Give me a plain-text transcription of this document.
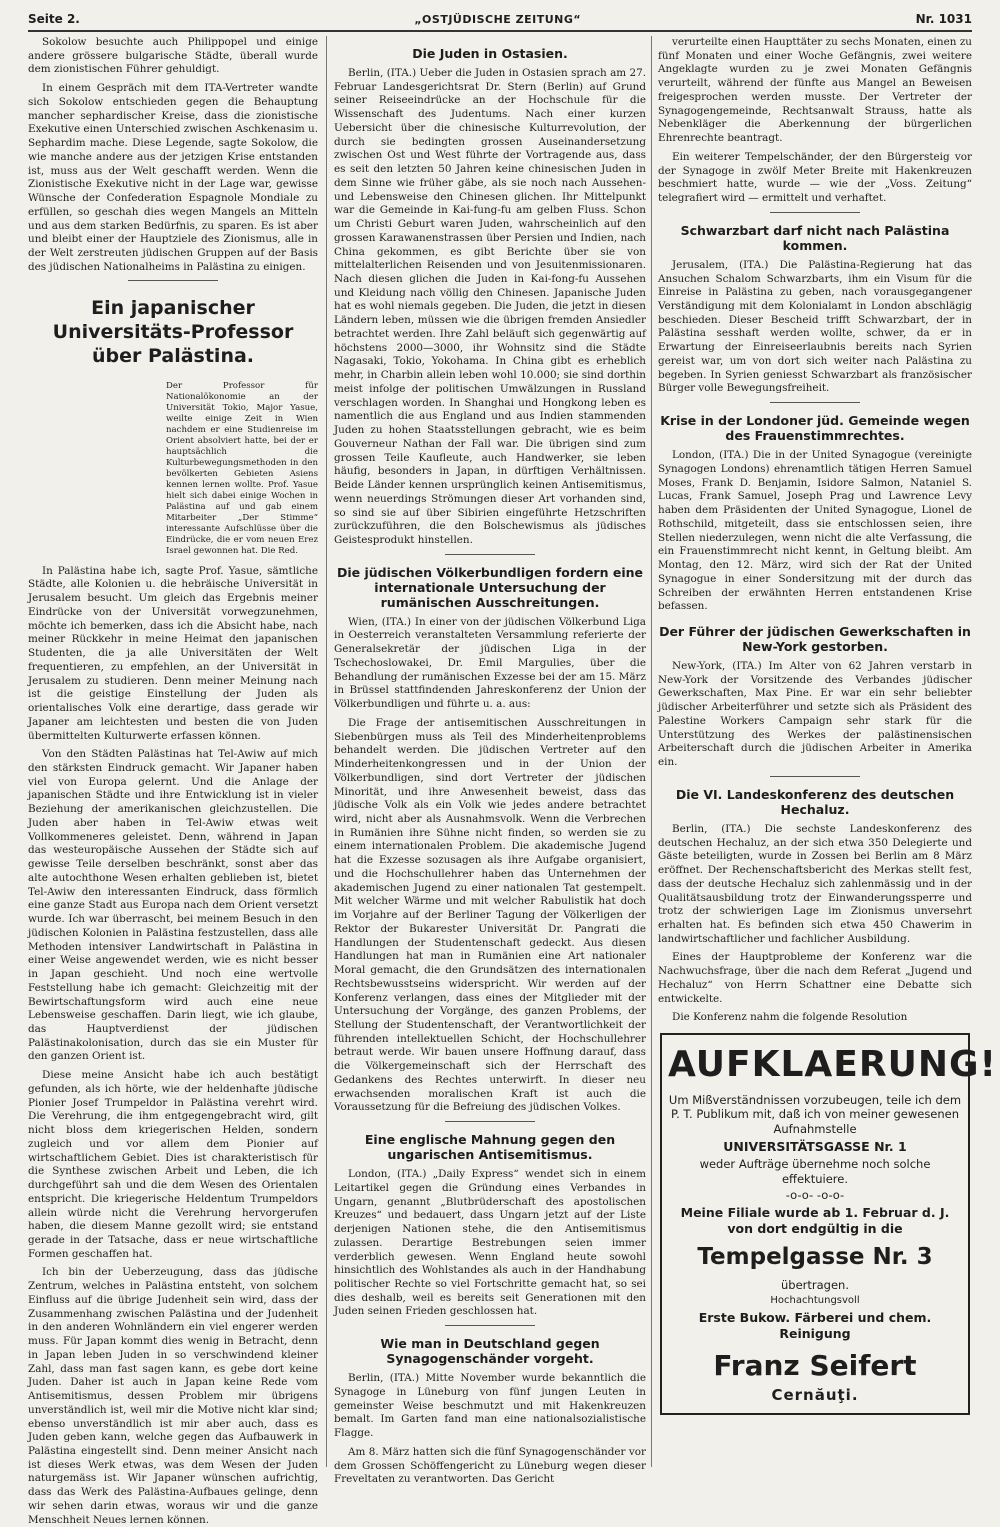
Seite 2.	„OSTJÜDISCHE ZEITUNG“	Nr. 1031

Sokolow besuchte auch Philippopel und einige andere grössere bulgarische Städte, überall wurde dem zionistischen Führer gehuldigt.

In einem Gespräch mit dem ITA-Vertreter wandte sich Sokolow entschieden gegen die Behauptung mancher sephardischer Kreise, dass die zionistische Exekutive einen Unterschied zwischen Aschkenasim u. Sephardim mache. Diese Legende, sagte Sokolow, die wie manche andere aus der jetzigen Krise entstanden ist, muss aus der Welt geschafft werden. Wenn die Zionistische Exekutive nicht in der Lage war, gewisse Wünsche der Confederation Espagnole Mondiale zu erfüllen, so geschah dies wegen Mangels an Mitteln und aus dem starken Bedürfnis, zu sparen. Es ist aber und bleibt einer der Hauptziele des Zionismus, alle in der Welt zerstreuten jüdischen Gruppen auf der Basis des jüdischen Nationalheims in Palästina zu einigen.

Ein japanischer Universitäts-Professor über Palästina.

Der Professor für Nationalökonomie an der Universität Tokio, Major Yasue, weilte einige Zeit in Wien nachdem er eine Studienreise im Orient absolviert hatte, bei der er hauptsächlich die Kulturbewegungsmethoden in den bevölkerten Gebieten Asiens kennen lernen wollte. Prof. Yasue hielt sich dabei einige Wochen in Palästina auf und gab einem Mitarbeiter „Der Stimme“ interessante Aufschlüsse über die Eindrücke, die er vom neuen Erez Israel gewonnen hat. Die Red.

In Palästina habe ich, sagte Prof. Yasue, sämtliche Städte, alle Kolonien u. die hebräische Universität in Jerusalem besucht. Um gleich das Ergebnis meiner Eindrücke von der Universität vorwegzunehmen, möchte ich bemerken, dass ich die Absicht habe, nach meiner Rückkehr in meine Heimat den japanischen Studenten, die ja alle Universitäten der Welt frequentieren, zu empfehlen, an der Universität in Jerusalem zu studieren. Denn meiner Meinung nach ist die geistige Einstellung der Juden als orientalisches Volk eine derartige, dass gerade wir Japaner am leichtesten und besten die von Juden übermittelten Kulturwerte erfassen können.

Von den Städten Palästinas hat Tel-Awiw auf mich den stärksten Eindruck gemacht. Wir Japaner haben viel von Europa gelernt. Und die Anlage der japanischen Städte und ihre Entwicklung ist in vieler Beziehung der amerikanischen gleichzustellen. Die Juden aber haben in Tel-Awiw etwas weit Vollkommeneres geleistet. Denn, während in Japan das westeuropäische Aussehen der Städte sich auf gewisse Teile derselben beschränkt, sonst aber das alte autochthone Wesen erhalten geblieben ist, bietet Tel-Awiw den interessanten Eindruck, dass förmlich eine ganze Stadt aus Europa nach dem Orient versetzt wurde. Ich war überrascht, bei meinem Besuch in den jüdischen Kolonien in Palästina festzustellen, dass alle Methoden intensiver Landwirtschaft in Palästina in einer Weise angewendet werden, wie es nicht besser in Japan geschieht. Und noch eine wertvolle Feststellung habe ich gemacht: Gleichzeitig mit der Bewirtschaftungsform wird auch eine neue Lebensweise geschaffen. Darin liegt, wie ich glaube, das Hauptverdienst der jüdischen Palästinakolonisation, durch das sie ein Muster für den ganzen Orient ist.

Diese meine Ansicht habe ich auch bestätigt gefunden, als ich hörte, wie der heldenhafte jüdische Pionier Josef Trumpeldor in Palästina verehrt wird. Die Verehrung, die ihm entgegengebracht wird, gilt nicht bloss dem kriegerischen Helden, sondern zugleich und vor allem dem Pionier auf wirtschaftlichem Gebiet. Dies ist charakteristisch für die Synthese zwischen Arbeit und Leben, die ich durchgeführt sah und die dem Wesen des Orientalen entspricht. Die kriegerische Heldentum Trumpeldors allein würde nicht die Verehrung hervorgerufen haben, die diesem Manne gezollt wird; sie entstand gerade in der Tatsache, dass er neue wirtschaftliche Formen geschaffen hat.

Ich bin der Ueberzeugung, dass das jüdische Zentrum, welches in Palästina entsteht, von solchem Einfluss auf die übrige Judenheit sein wird, dass der Zusammenhang zwischen Palästina und der Judenheit in den anderen Wohnländern ein viel engerer werden muss. Für Japan kommt dies wenig in Betracht, denn in Japan leben Juden in so verschwindend kleiner Zahl, dass man fast sagen kann, es gebe dort keine Juden. Daher ist auch in Japan keine Rede vom Antisemitismus, dessen Problem mir übrigens unverständlich ist, weil mir die Motive nicht klar sind; ebenso unverständlich ist mir aber auch, dass es Juden geben kann, welche gegen das Aufbauwerk in Palästina eingestellt sind. Denn meiner Ansicht nach ist dieses Werk etwas, was dem Wesen der Juden naturgemäss ist. Wir Japaner wünschen aufrichtig, dass das Werk des Palästina-Aufbaues gelinge, denn wir sehen darin etwas, woraus wir und die ganze Menschheit Neues lernen können.

Die Juden in Ostasien.

Berlin, (ITA.) Ueber die Juden in Ostasien sprach am 27. Februar Landesgerichtsrat Dr. Stern (Berlin) auf Grund seiner Reiseeindrücke an der Hochschule für die Wissenschaft des Judentums. Nach einer kurzen Uebersicht über die chinesische Kulturrevolution, der durch sie bedingten grossen Auseinandersetzung zwischen Ost und West führte der Vortragende aus, dass es seit den letzten 50 Jahren keine chinesischen Juden in dem Sinne wie früher gäbe, als sie noch nach Aussehen- und Lebensweise den Chinesen glichen. Ihr Mittelpunkt war die Gemeinde in Kai-fung-fu am gelben Fluss. Schon um Christi Geburt waren Juden, wahrscheinlich auf den grossen Karawanenstrassen über Persien und Indien, nach China gekommen, es gibt Berichte über sie von mittelalterlichen Reisenden und von Jesuitenmissionaren. Nach diesen glichen die Juden in Kai-fong-fu Aussehen und Kleidung nach völlig den Chinesen. Japanische Juden hat es wohl niemals gegeben. Die Juden, die jetzt in diesen Ländern leben, müssen wie die übrigen fremden Ansiedler betrachtet werden. Ihre Zahl beläuft sich gegenwärtig auf höchstens 2000—3000, ihr Wohnsitz sind die Städte Nagasaki, Tokio, Yokohama. In China gibt es erheblich mehr, in Charbin allein leben wohl 10.000; sie sind dorthin meist infolge der politischen Umwälzungen in Russland verschlagen worden. In Shanghai und Hongkong leben es namentlich die aus England und aus Indien stammenden Juden zu hohen Staatsstellungen gebracht, wie es beim Gouverneur Nathan der Fall war. Die übrigen sind zum grossen Teile Kaufleute, auch Handwerker, sie leben häufig, besonders in Japan, in dürftigen Verhältnissen. Beide Länder kennen ursprünglich keinen Antisemitismus, wenn neuerdings Strömungen dieser Art vorhanden sind, so sind sie auf über Sibirien eingeführte Hetzschriften zurückzuführen, die den Bolschewismus als jüdisches Geistesprodukt hinstellen.

Die jüdischen Völkerbundligen fordern eine internationale Untersuchung der rumänischen Ausschreitungen.

Wien, (ITA.) In einer von der jüdischen Völkerbund Liga in Oesterreich veranstalteten Versammlung referierte der Generalsekretär der jüdischen Liga in der Tschechoslowakei, Dr. Emil Margulies, über die Behandlung der rumänischen Exzesse bei der am 15. März in Brüssel stattfindenden Jahreskonferenz der Union der Völkerbundligen und führte u. a. aus:

Die Frage der antisemitischen Ausschreitungen in Siebenbürgen muss als Teil des Minderheitenproblems behandelt werden. Die jüdischen Vertreter auf den Minderheitenkongressen und in der Union der Völkerbundligen, sind dort Vertreter der jüdischen Minorität, und ihre Anwesenheit beweist, dass das jüdische Volk als ein Volk wie jedes andere betrachtet wird, nicht aber als Ausnahmsvolk. Wenn die Verbrechen in Rumänien ihre Sühne nicht finden, so werden sie zu einem internationalen Problem. Die akademische Jugend hat die Exzesse sozusagen als ihre Aufgabe organisiert, und die Hochschullehrer haben das Unternehmen der akademischen Jugend zu einer nationalen Tat gestempelt. Mit welcher Wärme und mit welcher Rabulistik hat doch im Vorjahre auf der Berliner Tagung der Völkerligen der Rektor der Bukarester Universität Dr. Pangrati die Handlungen der Studentenschaft gedeckt. Aus diesen Handlungen hat man in Rumänien eine Art nationaler Moral gemacht, die den Grundsätzen des internationalen Rechtsbewusstseins widerspricht. Wir werden auf der Konferenz verlangen, dass eines der Mitglieder mit der Untersuchung der Vorgänge, des ganzen Problems, der Stellung der Studentenschaft, der Verantwortlichkeit der führenden intellektuellen Schicht, der Hochschullehrer betraut werde. Wir bauen unsere Hoffnung darauf, dass die Völkergemeinschaft sich der Herrschaft des Gedankens des Rechtes unterwirft. In dieser neu erwachsenden moralischen Kraft ist auch die Voraussetzung für die Befreiung des jüdischen Volkes.

Eine englische Mahnung gegen den ungarischen Antisemitismus.

London, (ITA.) „Daily Express“ wendet sich in einem Leitartikel gegen die Gründung eines Verbandes in Ungarn, genannt „Blutbrüderschaft des apostolischen Kreuzes“ und bedauert, dass Ungarn jetzt auf der Liste derjenigen Nationen stehe, die den Antisemitismus zulassen. Derartige Bestrebungen seien immer verderblich gewesen. Wenn England heute sowohl hinsichtlich des Wohlstandes als auch in der Handhabung politischer Rechte so viel Fortschritte gemacht hat, so sei dies deshalb, weil es bereits seit Generationen mit den Juden seinen Frieden geschlossen hat.

Wie man in Deutschland gegen Synagogenschänder vorgeht.

Berlin, (ITA.) Mitte November wurde bekanntlich die Synagoge in Lüneburg von fünf jungen Leuten in gemeinster Weise beschmutzt und mit Hakenkreuzen bemalt. Im Garten fand man eine nationalsozialistische Flagge.

Am 8. März hatten sich die fünf Synagogenschänder vor dem Grossen Schöffengericht zu Lüneburg wegen dieser Freveltaten zu verantworten. Das Gericht

verurteilte einen Haupttäter zu sechs Monaten, einen zu fünf Monaten und einer Woche Gefängnis, zwei weitere Angeklagte wurden zu je zwei Monaten Gefängnis verurteilt, während der fünfte aus Mangel an Beweisen freigesprochen werden musste. Der Vertreter der Synagogengemeinde, Rechtsanwalt Strauss, hatte als Nebenkläger die Aberkennung der bürgerlichen Ehrenrechte beantragt.

Ein weiterer Tempelschänder, der den Bürgersteig vor der Synagoge in zwölf Meter Breite mit Hakenkreuzen beschmiert hatte, wurde — wie der „Voss. Zeitung“ telegrafiert wird — ermittelt und verhaftet.

Schwarzbart darf nicht nach Palästina kommen.

Jerusalem, (ITA.) Die Palästina-Regierung hat das Ansuchen Schalom Schwarzbarts, ihm ein Visum für die Einreise in Palästina zu geben, nach vorausgegangener Verständigung mit dem Kolonialamt in London abschlägig beschieden. Dieser Bescheid trifft Schwarzbart, der in Palästina sesshaft werden wollte, schwer, da er in Erwartung der Einreiseerlaubnis bereits nach Syrien gereist war, um von dort sich weiter nach Palästina zu begeben. In Syrien geniesst Schwarzbart als französischer Bürger volle Bewegungsfreiheit.

Krise in der Londoner jüd. Gemeinde wegen des Frauenstimmrechtes.

London, (ITA.) Die in der United Synagogue (vereinigte Synagogen Londons) ehrenamtlich tätigen Herren Samuel Moses, Frank D. Benjamin, Isidore Salmon, Nataniel S. Lucas, Frank Samuel, Joseph Prag und Lawrence Levy haben dem Präsidenten der United Synagogue, Lionel de Rothschild, mitgeteilt, dass sie entschlossen seien, ihre Stellen niederzulegen, wenn nicht die alte Verfassung, die ein Frauenstimmrecht nicht kennt, in Geltung bleibt. Am Montag, den 12. März, wird sich der Rat der United Synagogue in einer Sondersitzung mit der durch das Schreiben der erwähnten Herren entstandenen Krise befassen.

Der Führer der jüdischen Gewerkschaften in New-York gestorben.

New-York, (ITA.) Im Alter von 62 Jahren verstarb in New-York der Vorsitzende des Verbandes jüdischer Gewerkschaften, Max Pine. Er war ein sehr beliebter jüdischer Arbeiterführer und setzte sich als Präsident des Palestine Workers Campaign sehr stark für die Unterstützung des Werkes der palästinensischen Arbeiterschaft durch die jüdischen Arbeiter in Amerika ein.

Die VI. Landeskonferenz des deutschen Hechaluz.

Berlin, (ITA.) Die sechste Landeskonferenz des deutschen Hechaluz, an der sich etwa 350 Delegierte und Gäste beteiligten, wurde in Zossen bei Berlin am 8 März eröffnet. Der Rechenschaftsbericht des Merkas stellt fest, dass der deutsche Hechaluz sich zahlenmässig und in der Qualitätsausbildung trotz der Einwanderungssperre und trotz der schwierigen Lage im Zionismus unversehrt erhalten hat. Es befinden sich etwa 450 Chawerim in landwirtschaftlicher und fachlicher Ausbildung.

Eines der Hauptprobleme der Konferenz war die Nachwuchsfrage, über die nach dem Referat „Jugend und Hechaluz“ von Herrn Schattner eine Debatte sich entwickelte.

Die Konferenz nahm die folgende Resolution

AUFKLAERUNG!
Um Mißverständnissen vorzubeugen, teile ich dem P. T. Publikum mit, daß ich von meiner gewesenen Aufnahmstelle
UNIVERSITÄTSGASSE Nr. 1
weder Aufträge übernehme noch solche effektuiere.
-o-o- -o-o-
Meine Filiale wurde ab 1. Februar d. J. von dort endgültig in die
Tempelgasse Nr. 3
übertragen.
Hochachtungsvoll
Erste Bukow. Färberei und chem. Reinigung
Franz Seifert
Cernăuţi.
